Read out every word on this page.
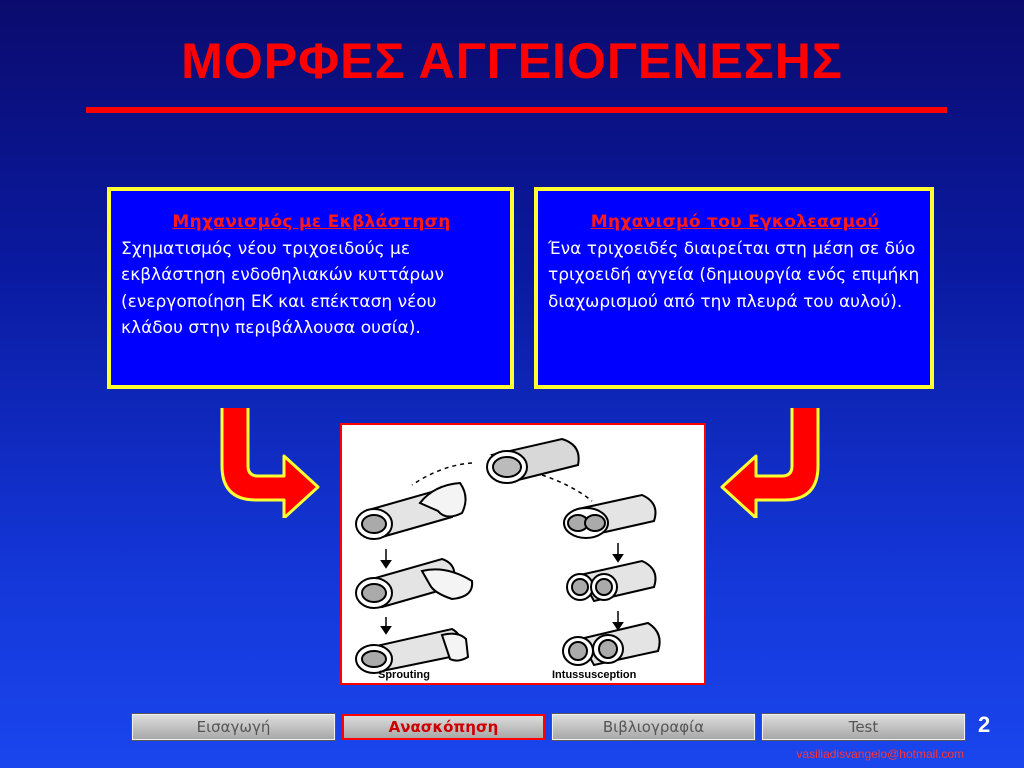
ΜΟΡΦΕΣ ΑΓΓΕΙΟΓΕΝΕΣΗΣ
Μηχανισμός με Εκβλάστηση
Σχηματισμός νέου τριχοειδούς με εκβλάστηση ενδοθηλιακών κυττάρων (ενεργοποίηση ΕΚ και επέκταση νέου κλάδου στην περιβάλλουσα ουσία).
Μηχανισμό του Εγκολεασμού
Ένα τριχοειδές διαιρείται στη μέση σε δύο τριχοειδή αγγεία (δημιουργία ενός επιμήκη διαχωρισμού από την πλευρά του αυλού).
Sprouting	Intussusception
Εισαγωγή	Ανασκόπηση	Βιβλιογραφία	Test	2
vasiliadisvangelo@hotmail.com
